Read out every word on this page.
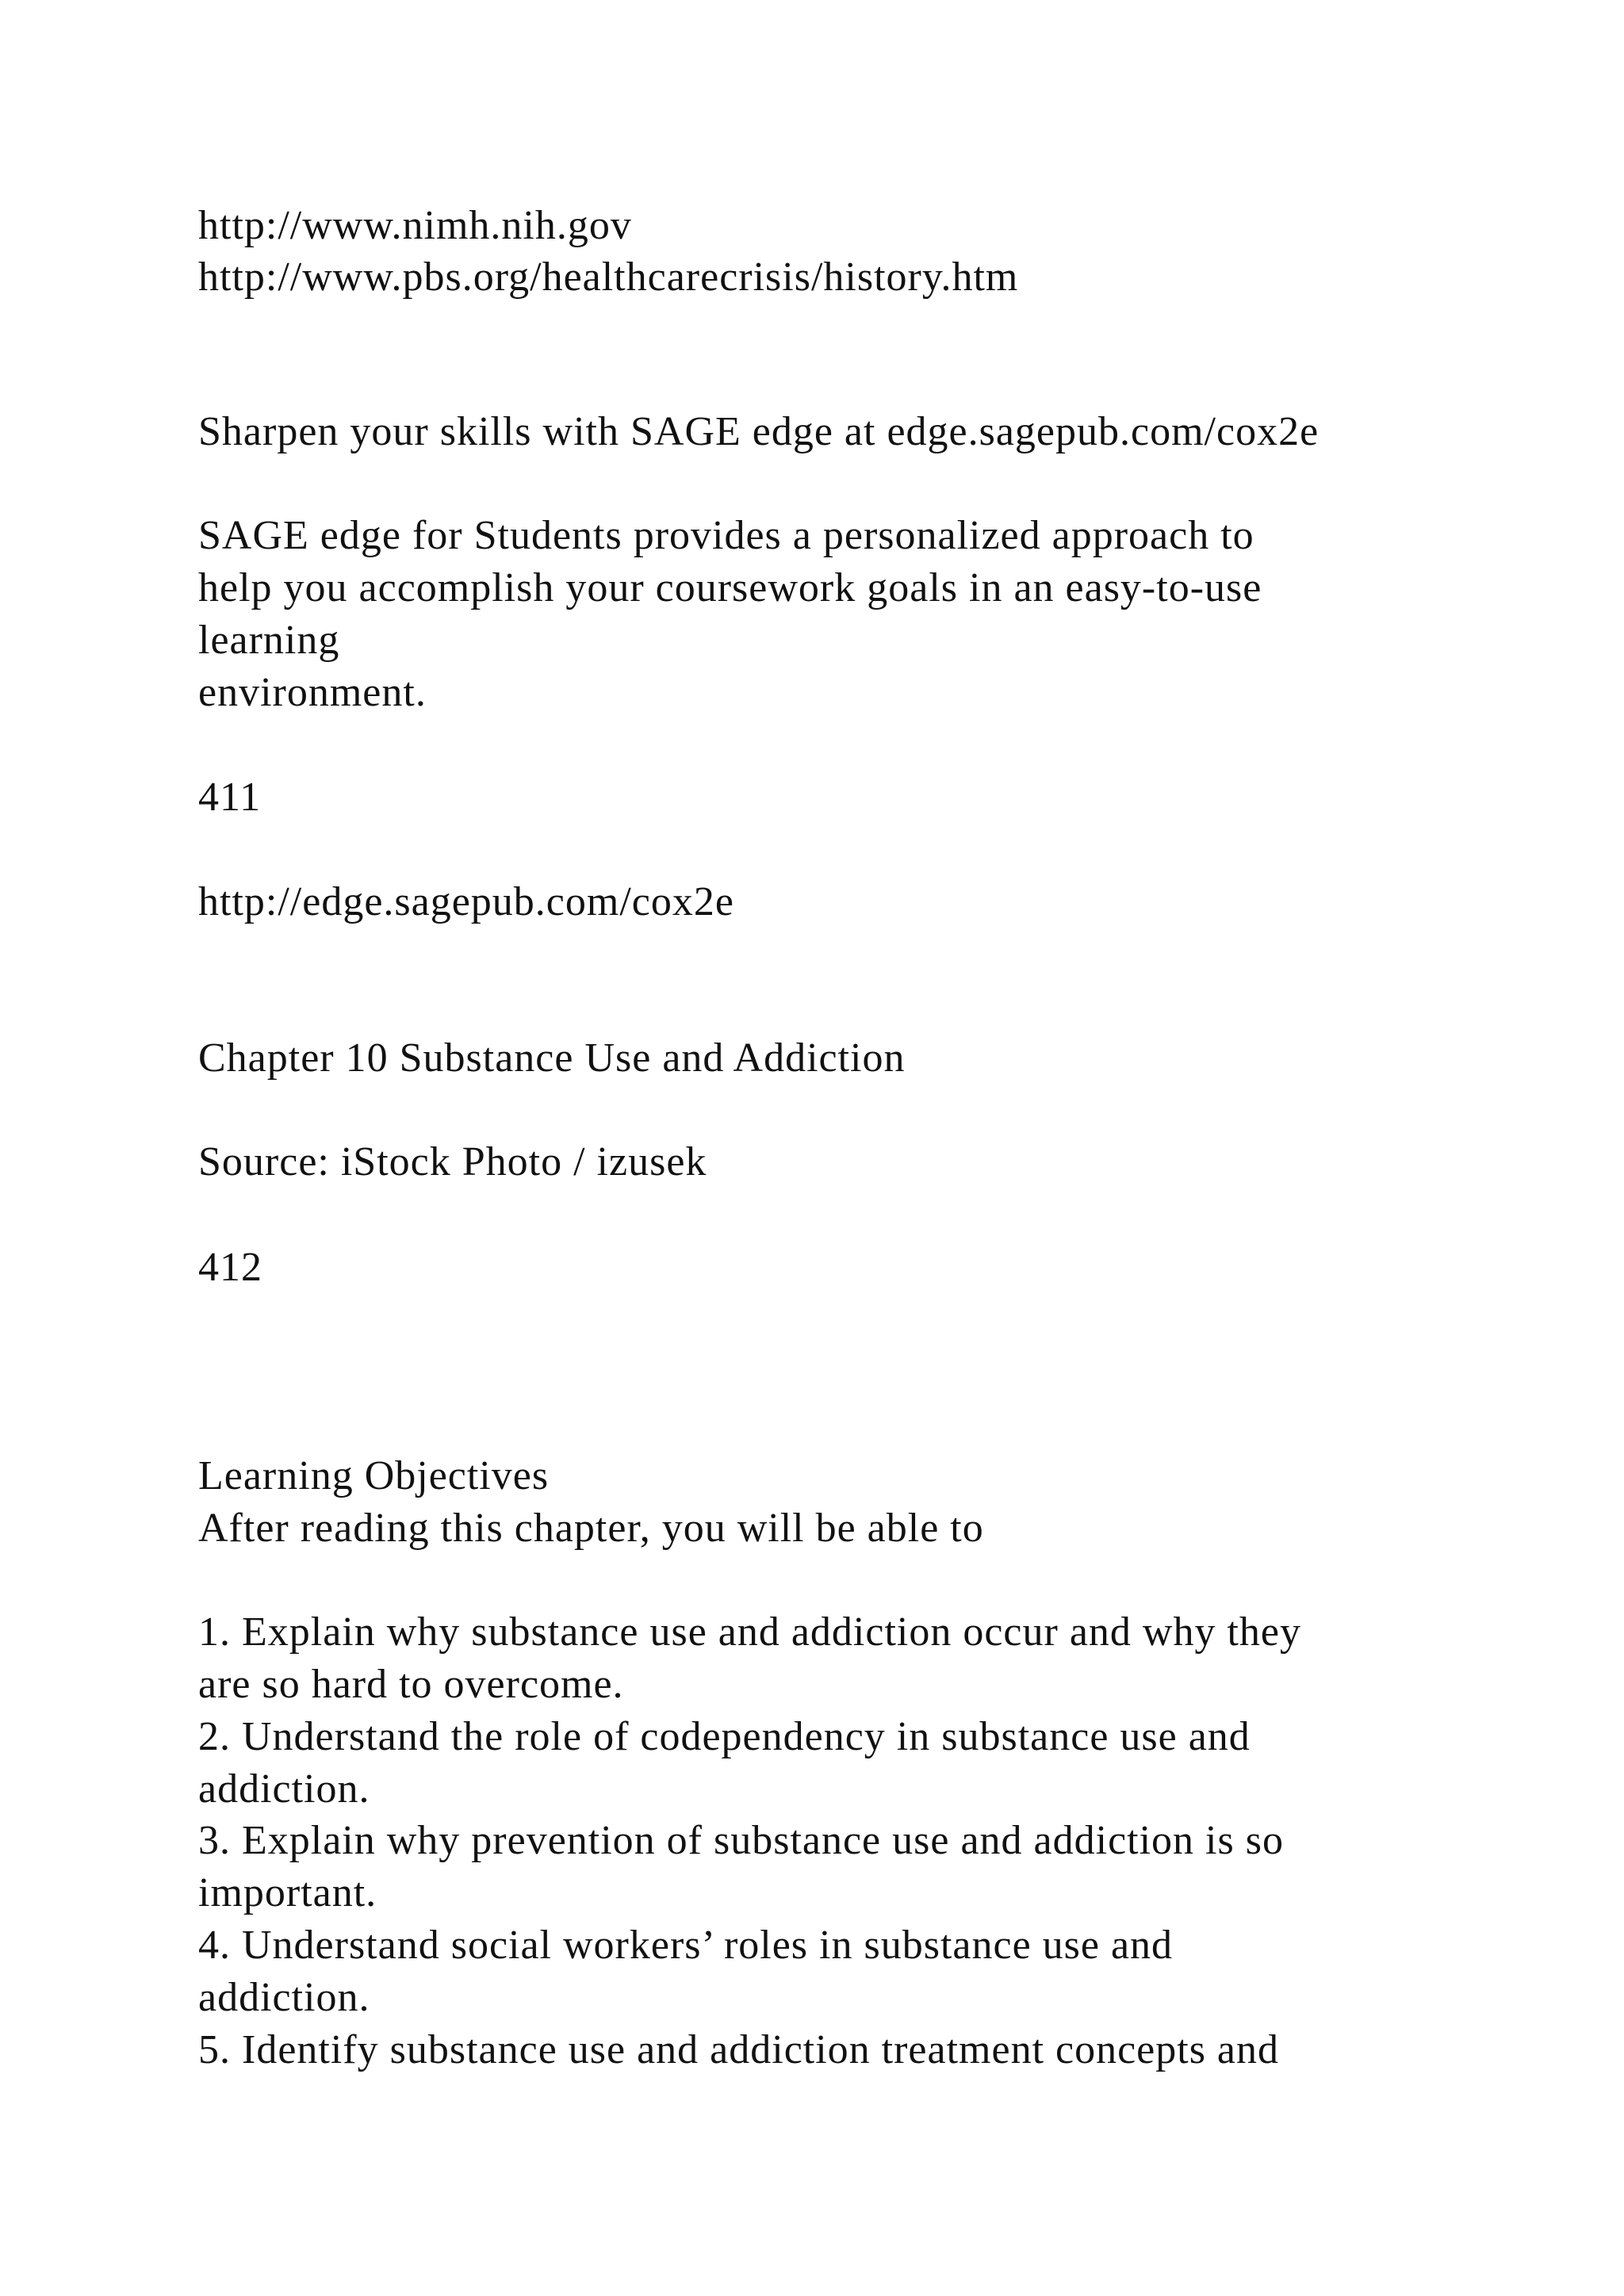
http://www.nimh.nih.gov
http://www.pbs.org/healthcarecrisis/history.htm
Sharpen your skills with SAGE edge at edge.sagepub.com/cox2e
SAGE edge for Students provides a personalized approach to
help you accomplish your coursework goals in an easy-to-use
learning
environment.
411
http://edge.sagepub.com/cox2e
Chapter 10 Substance Use and Addiction
Source: iStock Photo / izusek
412
Learning Objectives
After reading this chapter, you will be able to
1. Explain why substance use and addiction occur and why they
are so hard to overcome.
2. Understand the role of codependency in substance use and
addiction.
3. Explain why prevention of substance use and addiction is so
important.
4. Understand social workers’ roles in substance use and
addiction.
5. Identify substance use and addiction treatment concepts and
